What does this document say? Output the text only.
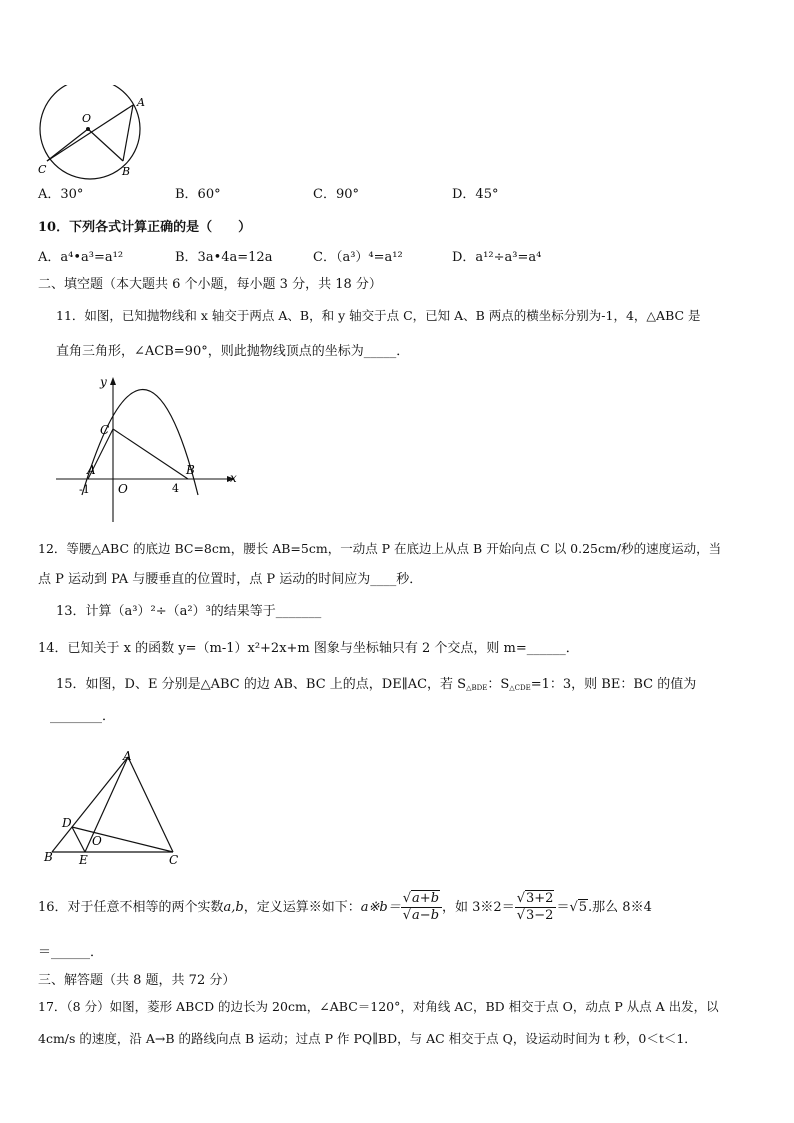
O
A
B
C
A．30°	B．60°	C．90°	D．45°
10．下列各式计算正确的是（　　）
A．a⁴•a³=a¹²	B．3a•4a=12a	C．（a³）⁴=a¹²	D．a¹²÷a³=a⁴
二、填空题（本大题共 6 个小题，每小题 3 分，共 18 分）
11．如图，已知抛物线和 x 轴交于两点 A、B，和 y 轴交于点 C，已知 A、B 两点的横坐标分别为-1，4，△ABC 是
直角三角形，∠ACB=90°，则此抛物线顶点的坐标为_____．
y
x
C
A	B
O
-1	4
12．等腰△ABC 的底边 BC=8cm，腰长 AB=5cm，一动点 P 在底边上从点 B 开始向点 C 以 0.25cm/秒的速度运动，当
点 P 运动到 PA 与腰垂直的位置时，点 P 运动的时间应为____秒．
13．计算（a³）²÷（a²）³的结果等于_______
14．已知关于 x 的函数 y=（m-1）x²+2x+m 图象与坐标轴只有 2 个交点，则 m=______．
15．如图，D、E 分别是△ABC 的边 AB、BC 上的点，DE∥AC，若 $S_{\triangle BDE}$：$S_{\triangle CDE}=1$：3，则 BE：BC 的值为
________．
A
D
O
B E	C
16．对于任意不相等的两个实数a,b，定义运算※如下：a※b＝ $\frac{√a+b}{√a-b}$ ，如 3※2＝ $\frac{√3+2}{√3-2} =√5$.那么 8※4
＝______．
三、解答题（共 8 题，共 72 分）
17．（8 分）如图，菱形 ABCD 的边长为 20cm，∠ABC＝120°，对角线 AC，BD 相交于点 O，动点 P 从点 A 出发，以
4cm/s 的速度，沿 A→B 的路线向点 B 运动；过点 P 作 PQ∥BD，与 AC 相交于点 Q，设运动时间为 t 秒，0＜t＜1．
